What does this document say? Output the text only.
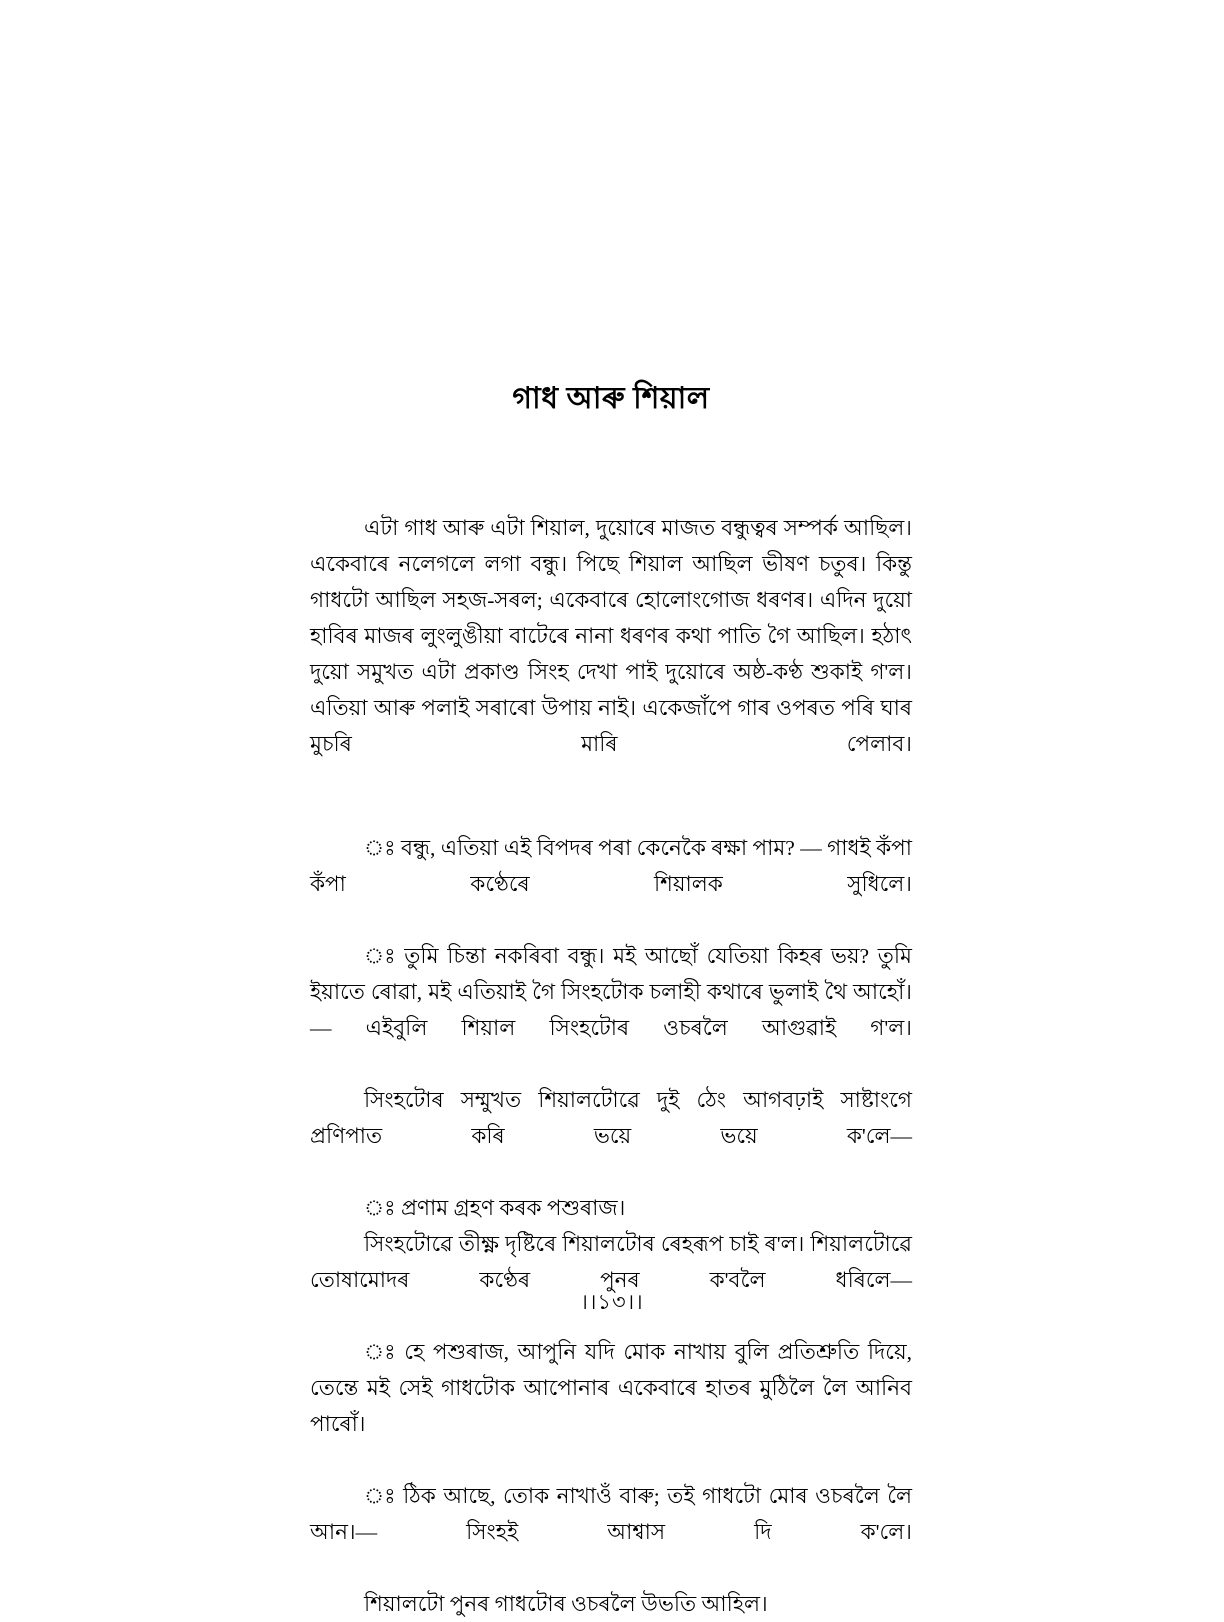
গাধ আৰু শিয়াল

এটা গাধ আৰু এটা শিয়াল, দুয়োৰে মাজত বন্ধুত্বৰ সম্পৰ্ক আছিল। একেবাৰে নলেগলে লগা বন্ধু। পিছে শিয়াল আছিল ভীষণ চতুৰ। কিন্তু গাধটো আছিল সহজ-সৰল; একেবাৰে হোলোংগোজ ধৰণৰ। এদিন দুয়ো হাবিৰ মাজৰ লুংলুঙীয়া বাটেৰে নানা ধৰণৰ কথা পাতি গৈ আছিল। হঠাৎ দুয়ো সমুখত এটা প্ৰকাণ্ড সিংহ দেখা পাই দুয়োৰে অষ্ঠ-কণ্ঠ শুকাই গ'ল। এতিয়া আৰু পলাই সৰাৰো উপায় নাই। একেজাঁপে গাৰ ওপৰত পৰি ঘাৰ মুচৰি মাৰি পেলাব।

ঃ বন্ধু, এতিয়া এই বিপদৰ পৰা কেনেকৈ ৰক্ষা পাম? — গাধই কঁপা কঁপা কণ্ঠেৰে শিয়ালক সুধিলে।

ঃ তুমি চিন্তা নকৰিবা বন্ধু। মই আছোঁ যেতিয়া কিহৰ ভয়? তুমি ইয়াতে ৰোৱা, মই এতিয়াই গৈ সিংহটোক চলাহী কথাৰে ভুলাই থৈ আহোঁ। — এইবুলি শিয়াল সিংহটোৰ ওচৰলৈ আগুৱাই গ'ল।

সিংহটোৰ সম্মুখত শিয়ালটোৱে দুই ঠেং আগবঢ়াই সাষ্টাংগে প্ৰণিপাত কৰি ভয়ে ভয়ে ক'লে—

ঃ প্ৰণাম গ্ৰহণ কৰক পশুৰাজ।

সিংহটোৱে তীক্ষ্ণ দৃষ্টিৰে শিয়ালটোৰ ৰেহৰূপ চাই ৰ'ল। শিয়ালটোৱে তোষামোদৰ কণ্ঠেৰ পুনৰ ক'বলৈ ধৰিলে—

ঃ হে পশুৰাজ, আপুনি যদি মোক নাখায় বুলি প্ৰতিশ্ৰুতি দিয়ে, তেন্তে মই সেই গাধটোক আপোনাৰ একেবাৰে হাতৰ মুঠিলৈ লৈ আনিব পাৰোঁ।

ঃ ঠিক আছে, তোক নাখাওঁ বাৰু; তই গাধটো মোৰ ওচৰলৈ লৈ আন।— সিংহই আশ্বাস দি ক'লে।

শিয়ালটো পুনৰ গাধটোৰ ওচৰলৈ উভতি আহিল।

।।১৩।।
